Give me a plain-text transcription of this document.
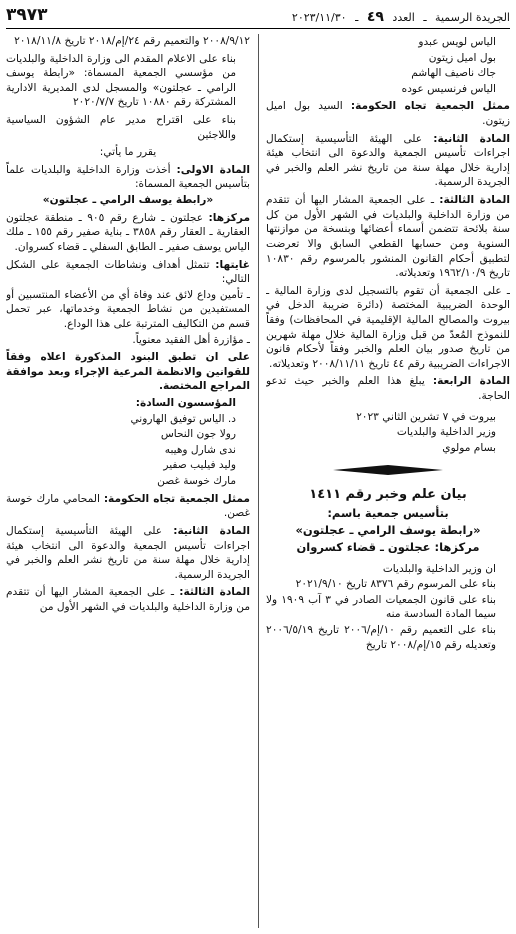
٣٩٧٣	الجريدة الرسمية ـ العدد ٤٩ ـ ٢٠٢٣/١١/٣٠

الياس لويس عبدو

بول اميل زيتون

جاك ناصيف الهاشم

الياس فرنسيس عوده

ممثل الجمعية تجاه الحكومة: السيد بول اميل زيتون.

المادة الثانية: على الهيئة التأسيسية إستكمال اجراءات تأسيس الجمعية والدعوة الى انتخاب هيئة إدارية خلال مهلة سنة من تاريخ نشر العلم والخبر في الجريدة الرسمية.

المادة الثالثة: ـ على الجمعية المشار اليها أن تتقدم من وزارة الداخلية والبلديات في الشهر الأول من كل سنة بلائحة تتضمن أسماء أعضائها وبنسخة من موازنتها السنوية ومن حسابها القطعي السابق والا تعرضت لتطبيق أحكام القانون المنشور بالمرسوم رقم ١٠٨٣٠ تاريخ ١٩٦٢/١٠/٩ وتعديلاته.

ـ على الجمعية أن تقوم بالتسجيل لدى وزارة المالية ـ الوحدة الضريبية المختصة (دائرة ضريبة الدخل في بيروت والمصالح المالية الإقليمية في المحافظات) وفقاً للنموذج المُعدّ من قبل وزارة المالية خلال مهلة شهرين من تاريخ صدور بيان العلم والخبر وفقاً لأحكام قانون الاجراءات الضريبية رقم ٤٤ تاريخ ٢٠٠٨/١١/١١ وتعديلاته.

المادة الرابعة: يبلغ هذا العلم والخبر حيث تدعو الحاجة.

بيروت في ٧ تشرين الثاني ٢٠٢٣

وزير الداخلية والبلديات

بسام مولوي

بيان علم وخبر رقم ١٤١١

بتأسيس جمعية باسم:

«رابطة يوسف الرامي ـ عجلتون»

مركزها: عجلتون ـ قضاء كسروان

ان وزير الداخلية والبلديات

بناء على المرسوم رقم ٨٣٧٦ تاريخ ٢٠٢١/٩/١٠

بناء على قانون الجمعيات الصادر في ٣ آب ١٩٠٩ ولا سيما المادة السادسة منه

بناء على التعميم رقم ١٠/إم/٢٠٠٦ تاريخ ٢٠٠٦/٥/١٩ وتعديله رقم ١٥/إم/٢٠٠٨ تاريخ

٢٠٠٨/٩/١٢ والتعميم رقم ٢٤/إم/٢٠١٨ تاريخ ٢٠١٨/١١/٨

بناء على الاعلام المقدم الى وزارة الداخلية والبلديات من مؤسسي الجمعية المسماة: «رابطة يوسف الرامي ـ عجلتون» والمسجل لدى المديرية الادارية المشتركة رقم ١٠٨٨٠ تاريخ ٢٠٢٠/٧/٧

بناء على اقتراح مدير عام الشؤون السياسية واللاجئين

يقرر ما يأتي:

المادة الاولى: أخذت وزارة الداخلية والبلديات علماً بتأسيس الجمعية المسماة:

«رابطة يوسف الرامي ـ عجلتون»

مركزها: عجلتون ـ شارع رقم ٩٠٥ ـ منطقة عجلتون العقارية ـ العقار رقم ٣٨٥٨ ـ بناية صفير رقم ١٥٥ ـ ملك الياس يوسف صفير ـ الطابق السفلي ـ قضاء كسروان.

غايتها: تتمثل أهداف ونشاطات الجمعية على الشكل التالي:

ـ تأمين وداع لائق عند وفاة أي من الأعضاء المنتسبين أو المستفيدين من نشاط الجمعية وخدماتها، عبر تحمل قسم من التكاليف المترتبة على هذا الوداع.

ـ مؤازرة أهل الفقيد معنوياً.

على ان تطبق البنود المذكورة اعلاه وفقاً للقوانين والانظمة المرعية الإجراء وبعد موافقة المراجع المختصة.

المؤسسون السادة:

د. الياس توفيق الهاروني

رولا جون النحاس

ندى شارل وهيبه

وليد فيليب صفير

مارك خوسة غصن

ممثل الجمعية تجاه الحكومة: المحامي مارك خوسة غصن.

المادة الثانية: على الهيئة التأسيسية إستكمال اجراءات تأسيس الجمعية والدعوة الى انتخاب هيئة إدارية خلال مهلة سنة من تاريخ نشر العلم والخبر في الجريدة الرسمية.

المادة الثالثة: ـ على الجمعية المشار اليها أن تتقدم من وزارة الداخلية والبلديات في الشهر الأول من
